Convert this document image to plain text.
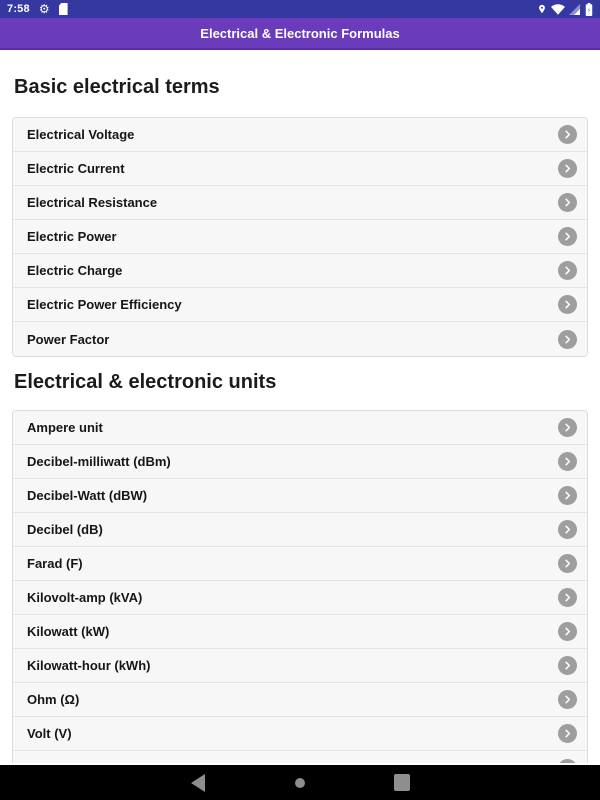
7:58 ⚙
Electrical & Electronic Formulas
Basic electrical terms
Electrical Voltage
Electric Current
Electrical Resistance
Electric Power
Electric Charge
Electric Power Efficiency
Power Factor
Electrical & electronic units
Ampere unit
Decibel-milliwatt (dBm)
Decibel-Watt (dBW)
Decibel (dB)
Farad (F)
Kilovolt-amp (kVA)
Kilowatt (kW)
Kilowatt-hour (kWh)
Ohm (Ω)
Volt (V)
